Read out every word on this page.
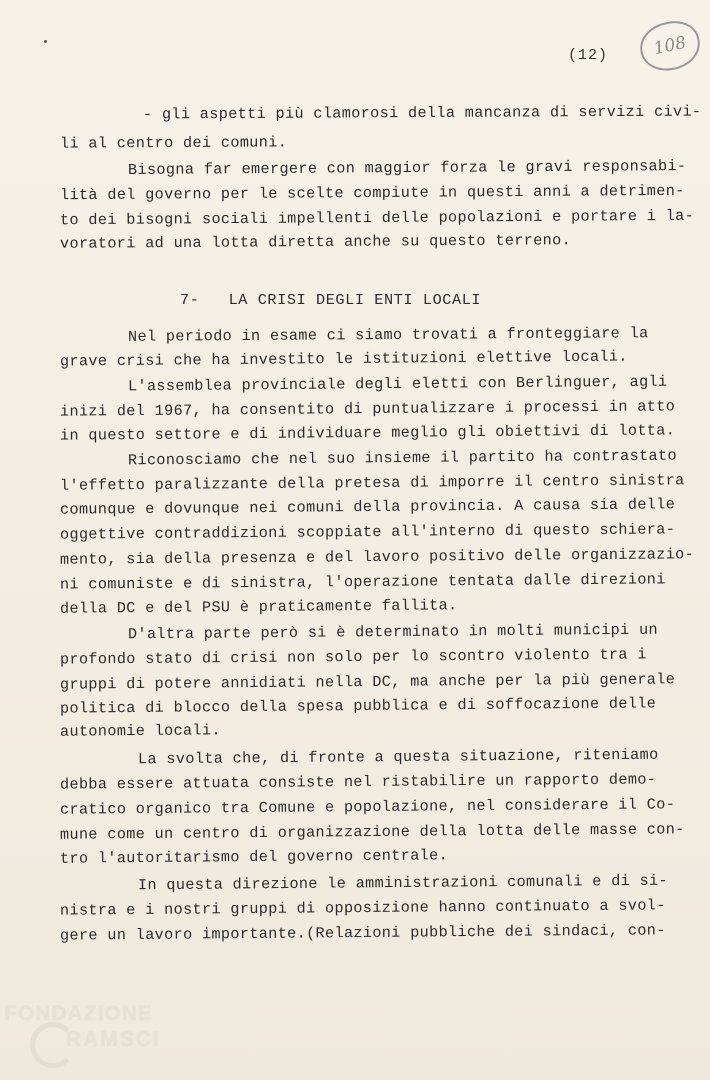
(12)	108
- gli aspetti più clamorosi della mancanza di servizi civi-
li al centro dei comuni.
Bisogna far emergere con maggior forza le gravi responsabi-
lità del governo per le scelte compiute in questi anni a detrimen-
to dei bisogni sociali impellenti delle popolazioni e portare i la-
voratori ad una lotta diretta anche su questo terreno.
7-   LA CRISI DEGLI ENTI LOCALI
Nel periodo in esame ci siamo trovati a fronteggiare la
grave crisi che ha investito le istituzioni elettive locali.
L'assemblea provinciale degli eletti con Berlinguer, agli
inizi del 1967, ha consentito di puntualizzare i processi in atto
in questo settore e di individuare meglio gli obiettivi di lotta.
Riconosciamo che nel suo insieme il partito ha contrastato
l'effetto paralizzante della pretesa di imporre il centro sinistra
comunque e dovunque nei comuni della provincia. A causa sia delle
oggettive contraddizioni scoppiate all'interno di questo schiera-
mento, sia della presenza e del lavoro positivo delle organizzazio-
ni comuniste e di sinistra, l'operazione tentata dalle direzioni
della DC e del PSU è praticamente fallita.
D'altra parte però si è determinato in molti municipi un
profondo stato di crisi non solo per lo scontro violento tra i
gruppi di potere annidiati nella DC, ma anche per la più generale
politica di blocco della spesa pubblica e di soffocazione delle
autonomie locali.
La svolta che, di fronte a questa situazione, riteniamo
debba essere attuata consiste nel ristabilire un rapporto demo-
cratico organico tra Comune e popolazione, nel considerare il Co-
mune come un centro di organizzazione della lotta delle masse con-
tro l'autoritarismo del governo centrale.
In questa direzione le amministrazioni comunali e di si-
nistra e i nostri gruppi di opposizione hanno continuato a svol-
gere un lavoro importante.(Relazioni pubbliche dei sindaci, con-
FONDAZIONE
RAMSCI
